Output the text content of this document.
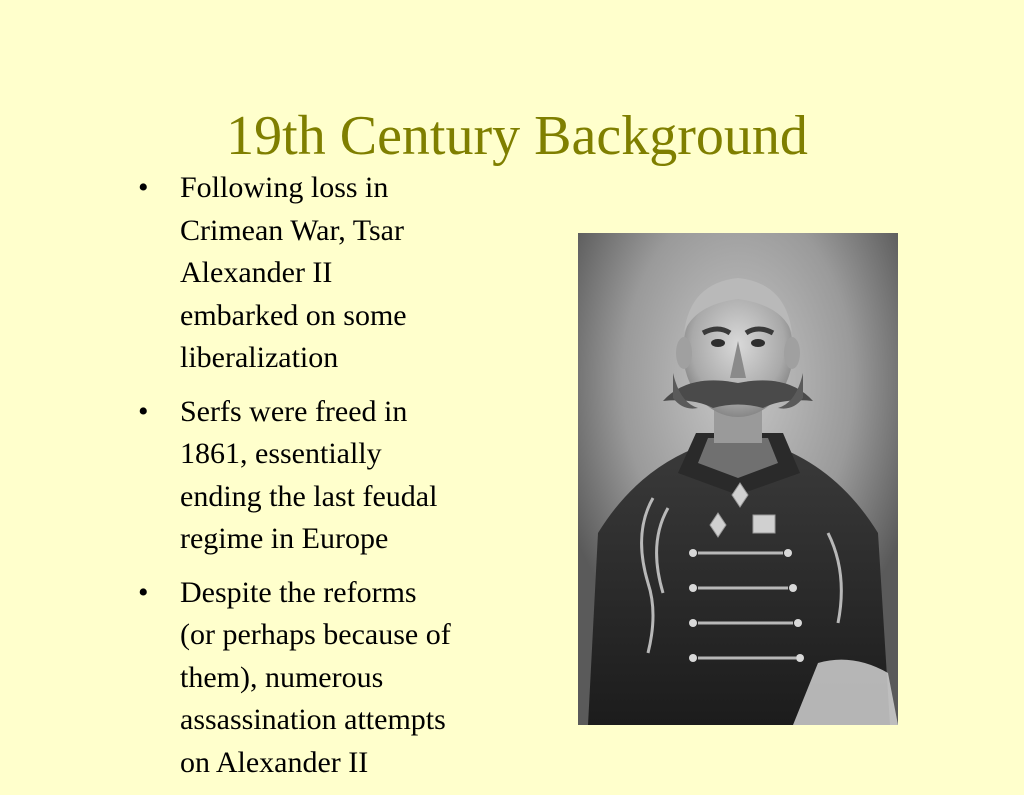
19th Century Background
•	Following loss in
Crimean War, Tsar
Alexander II
embarked on some
liberalization
•	Serfs were freed in
1861, essentially
ending the last feudal
regime in Europe
•	Despite the reforms
(or perhaps because of
them), numerous
assassination attempts
on Alexander II
